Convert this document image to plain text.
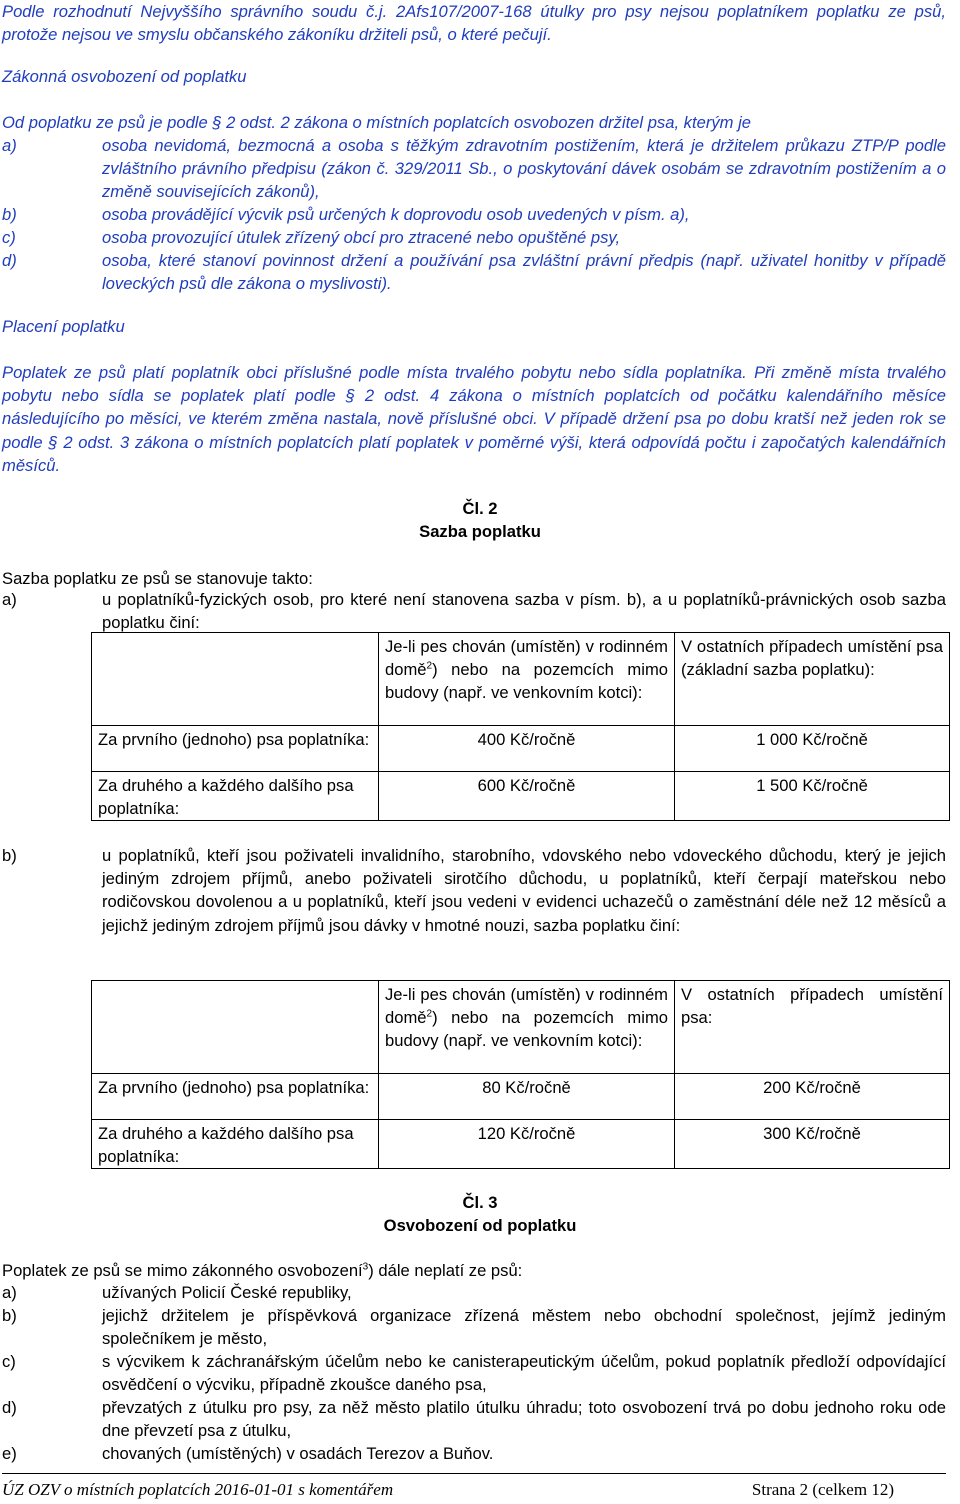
Podle rozhodnutí Nejvyššího správního soudu č.j. 2Afs107/2007-168 útulky pro psy nejsou poplatníkem poplatku ze psů, protože nejsou ve smyslu občanského zákoníku držiteli psů, o které pečují.
Zákonná osvobození od poplatku
Od poplatku ze psů je podle § 2 odst. 2 zákona o místních poplatcích osvobozen držitel psa, kterým je
a)	osoba nevidomá, bezmocná a osoba s těžkým zdravotním postižením, která je držitelem průkazu ZTP/P podle zvláštního právního předpisu (zákon č. 329/2011 Sb., o poskytování dávek osobám se zdravotním postižením a o změně souvisejících zákonů),
b)	osoba provádějící výcvik psů určených k doprovodu osob uvedených v písm. a),
c)	osoba provozující útulek zřízený obcí pro ztracené nebo opuštěné psy,
d)	osoba, které stanoví povinnost držení a používání psa zvláštní právní předpis (např. uživatel honitby v případě loveckých psů dle zákona o myslivosti).
Placení poplatku
Poplatek ze psů platí poplatník obci příslušné podle místa trvalého pobytu nebo sídla poplatníka. Při změně místa trvalého pobytu nebo sídla se poplatek platí podle § 2 odst. 4 zákona o místních poplatcích od počátku kalendářního měsíce následujícího po měsíci, ve kterém změna nastala, nově příslušné obci. V případě držení psa po dobu kratší než jeden rok se podle § 2 odst. 3 zákona o místních poplatcích platí poplatek v poměrné výši, která odpovídá počtu i započatých kalendářních měsíců.
Čl. 2
Sazba poplatku
Sazba poplatku ze psů se stanovuje takto:
a)	u poplatníků-fyzických osob, pro které není stanovena sazba v písm. b), a u poplatníků-právnických osob sazba poplatku činí:

	Je-li pes chován (umístěn) v rodinném domě$^2$) nebo na pozemcích mimo budovy (např. ve venkovním kotci):	V ostatních případech umístění psa (základní sazba poplatku):

Za prvního (jednoho) psa poplatníka:	400 Kč/ročně	1 000 Kč/ročně

Za druhého a každého dalšího psa poplatníka:	600 Kč/ročně	1 500 Kč/ročně
b)	u poplatníků, kteří jsou poživateli invalidního, starobního, vdovského nebo vdoveckého důchodu, který je jejich jediným zdrojem příjmů, anebo poživateli sirotčího důchodu, u poplatníků, kteří čerpají mateřskou nebo rodičovskou dovolenou a u poplatníků, kteří jsou vedeni v evidenci uchazečů o zaměstnání déle než 12 měsíců a jejichž jediným zdrojem příjmů jsou dávky v hmotné nouzi, sazba poplatku činí:

	Je-li pes chován (umístěn) v rodinném domě$^2$) nebo na pozemcích mimo budovy (např. ve venkovním kotci):	V ostatních případech umístění psa:

Za prvního (jednoho) psa poplatníka:	80 Kč/ročně	200 Kč/ročně

Za druhého a každého dalšího psa poplatníka:	120 Kč/ročně	300 Kč/ročně
Čl. 3
Osvobození od poplatku
Poplatek ze psů se mimo zákonného osvobození$^3$) dále neplatí ze psů:
a)	užívaných Policií České republiky,
b)	jejichž držitelem je příspěvková organizace zřízená městem nebo obchodní společnost, jejímž jediným společníkem je město,
c)	s výcvikem k záchranářským účelům nebo ke canisterapeutickým účelům, pokud poplatník předloží odpovídající osvědčení o výcviku, případně zkoušce daného psa,
d)	převzatých z útulku pro psy, za něž město platilo útulku úhradu; toto osvobození trvá po dobu jednoho roku ode dne převzetí psa z útulku,
e)	chovaných (umístěných) v osadách Terezov a Buňov.
ÚZ OZV o místních poplatcích 2016-01-01 s komentářem	Strana 2 (celkem 12)
